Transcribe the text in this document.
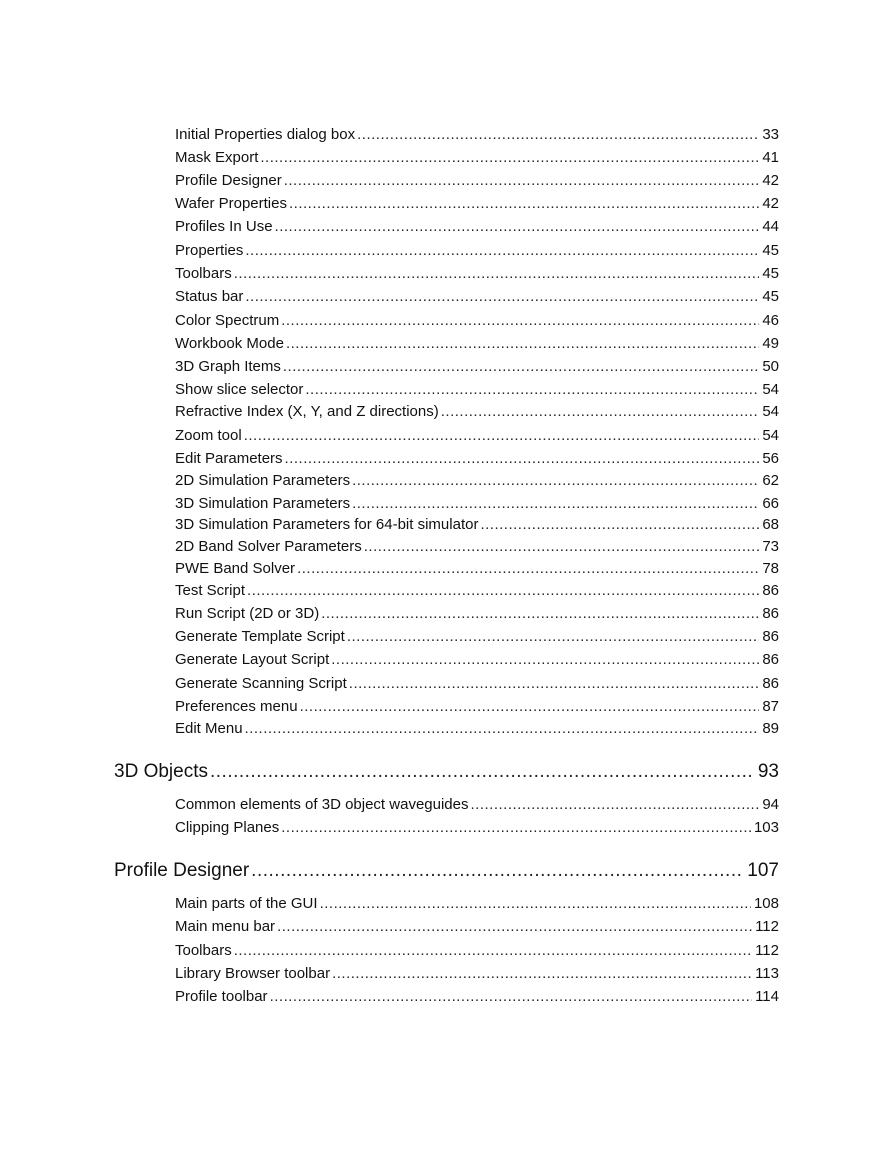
Initial Properties dialog box .....	33
Mask Export .....	41
Profile Designer .....	42
Wafer Properties .....	42
Profiles In Use .....	44
Properties .....	45
Toolbars .....	45
Status bar .....	45
Color Spectrum .....	46
Workbook Mode .....	49
3D Graph Items .....	50
Show slice selector .....	54
Refractive Index (X, Y, and Z directions) .....	54
Zoom tool .....	54
Edit Parameters .....	56
2D Simulation Parameters .....	62
3D Simulation Parameters .....	66
3D Simulation Parameters for 64-bit simulator .....	68
2D Band Solver Parameters .....	73
PWE Band Solver .....	78
Test Script .....	86
Run Script (2D or 3D) .....	86
Generate Template Script .....	86
Generate Layout Script .....	86
Generate Scanning Script .....	86
Preferences menu .....	87
Edit Menu .....	89
3D Objects .....	93
Common elements of 3D object waveguides .....	94
Clipping Planes .....	103
Profile Designer .....	107
Main parts of the GUI .....	108
Main menu bar .....	112
Toolbars .....	112
Library Browser toolbar .....	113
Profile toolbar .....	114
